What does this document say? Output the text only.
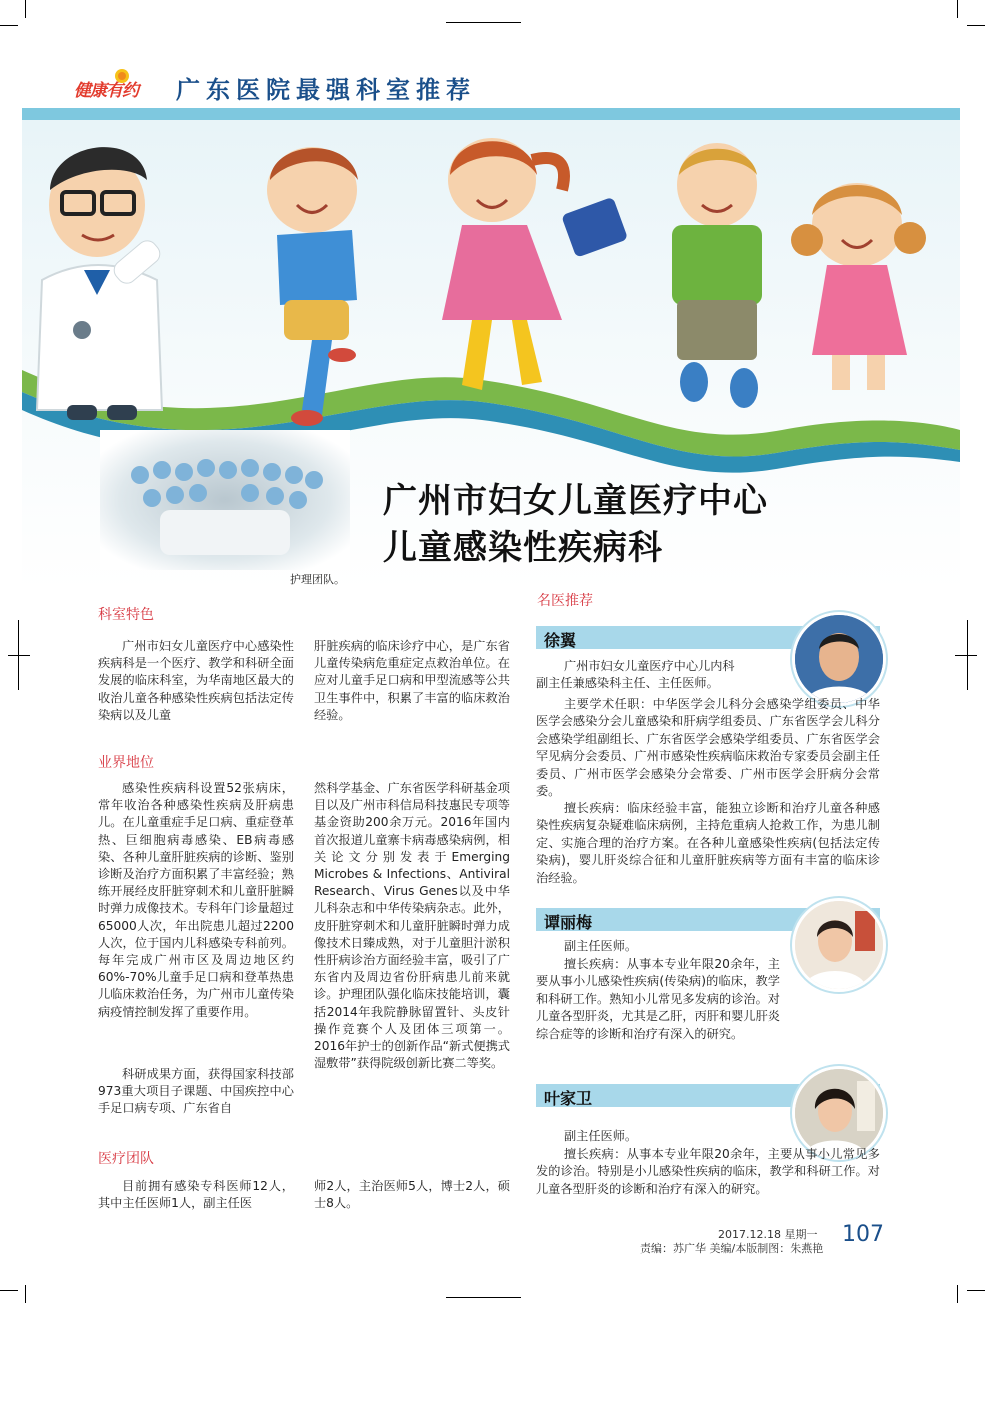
健康有约 广东医院最强科室推荐
护理团队。
广州市妇女儿童医疗中心
儿童感染性疾病科
科室特色

广州市妇女儿童医疗中心感染性疾病科是一个医疗、教学和科研全面发展的临床科室，为华南地区最大的收治儿童各种感染性疾病包括法定传染病以及儿童

肝脏疾病的临床诊疗中心，是广东省儿童传染病危重症定点救治单位。在应对儿童手足口病和甲型流感等公共卫生事件中，积累了丰富的临床救治经验。

业界地位

感染性疾病科设置52张病床，常年收治各种感染性疾病及肝病患儿。在儿童重症手足口病、重症登革热、巨细胞病毒感染、EB病毒感染、各种儿童肝脏疾病的诊断、鉴别诊断及治疗方面积累了丰富经验；熟练开展经皮肝脏穿刺术和儿童肝脏瞬时弹力成像技术。专科年门诊量超过65000人次，年出院患儿超过2200人次，位于国内儿科感染专科前列。每年完成广州市区及周边地区约60%-70%儿童手足口病和登革热患儿临床救治任务，为广州市儿童传染病疫情控制发挥了重要作用。

科研成果方面，获得国家科技部973重大项目子课题、中国疾控中心手足口病专项、广东省自

然科学基金、广东省医学科研基金项目以及广州市科信局科技惠民专项等基金资助200余万元。2016年国内首次报道儿童寨卡病毒感染病例，相关论文分别发表于Emerging Microbes & Infections、Antiviral Research、Virus Genes以及中华儿科杂志和中华传染病杂志。此外，皮肝脏穿刺术和儿童肝脏瞬时弹力成像技术日臻成熟，对于儿童胆汁淤积性肝病诊治方面经验丰富，吸引了广东省内及周边省份肝病患儿前来就诊。护理团队强化临床技能培训，囊括2014年我院静脉留置针、头皮针操作竞赛个人及团体三项第一。2016年护士的创新作品“新式便携式湿敷带”获得院级创新比赛二等奖。

医疗团队

目前拥有感染专科医师12人，其中主任医师1人，副主任医

师2人，主治医师5人，博士2人，硕士8人。

名医推荐
徐翼
广州市妇女儿童医疗中心儿内科
副主任兼感染科主任、主任医师。

主要学术任职：中华医学会儿科分会感染学组委员、中华医学会感染分会儿童感染和肝病学组委员、广东省医学会儿科分会感染学组副组长、广东省医学会感染学组委员、广东省医学会罕见病分会委员、广州市感染性疾病临床救治专家委员会副主任委员、广州市医学会感染分会常委、广州市医学会肝病分会常委。

擅长疾病：临床经验丰富，能独立诊断和治疗儿童各种感染性疾病复杂疑难临床病例，主持危重病人抢救工作，为患儿制定、实施合理的治疗方案。在各种儿童感染性疾病(包括法定传染病)，婴儿肝炎综合征和儿童肝脏疾病等方面有丰富的临床诊治经验。

谭丽梅
副主任医师。

擅长疾病：从事本专业年限20余年，主要从事小儿感染性疾病(传染病)的临床，教学和科研工作。熟知小儿常见多发病的诊治。对儿童各型肝炎，尤其是乙肝，丙肝和婴儿肝炎综合症等的诊断和治疗有深入的研究。

叶家卫
副主任医师。

擅长疾病：从事本专业年限20余年，主要从事小儿常见多发的诊治。特别是小儿感染性疾病的临床，教学和科研工作。对儿童各型肝炎的诊断和治疗有深入的研究。

2017.12.18 星期一
责编：苏广华 美编/本版制图：朱燕艳
107
